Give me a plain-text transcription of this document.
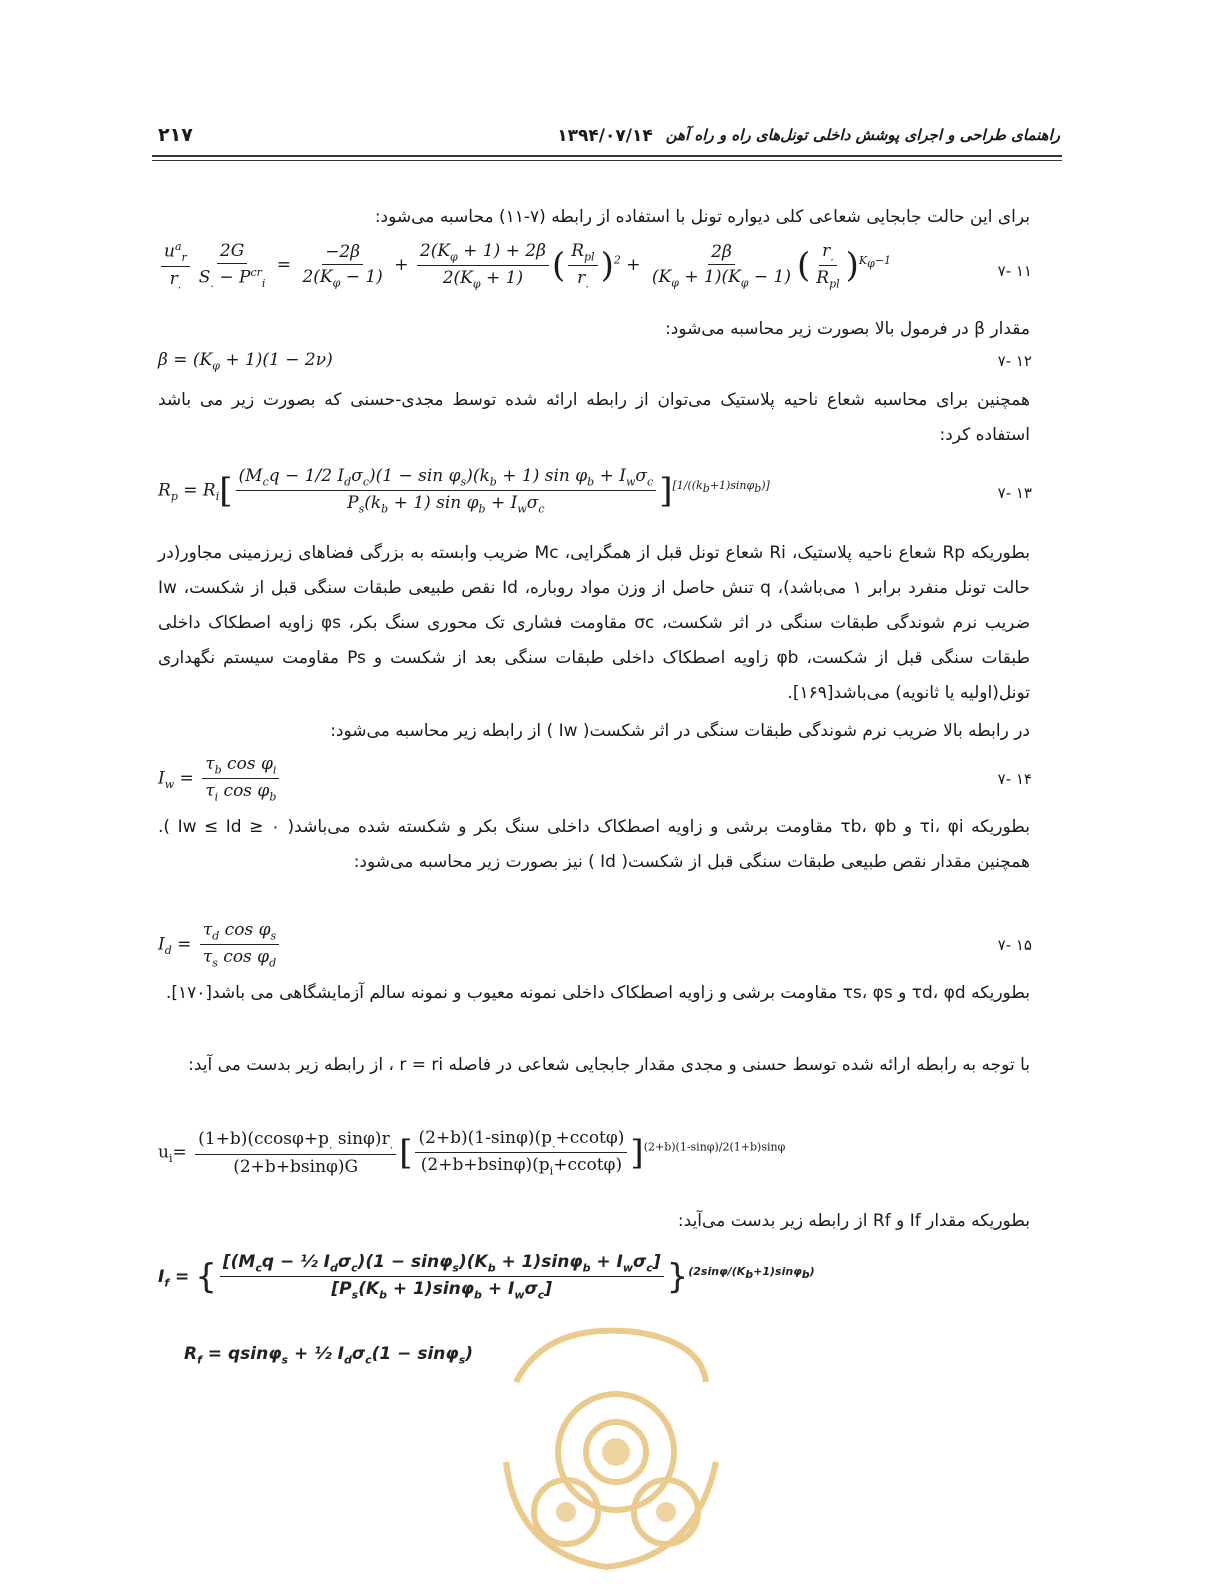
راهنمای طراحی و اجرای پوشش داخلی تونل‌های راه و راه آهن
۱۳۹۴/۰۷/۱۴
۲۱۷

برای این حالت جابجایی شعاعی کلی دیواره تونل با استفاده از رابطه (۷-۱۱) محاسبه می‌شود:

$\frac{u^a_r}{r_.} \frac{2G}{S_. - P^{cr}_i} = \frac{-2\beta}{2(K_\varphi - 1)} + \frac{2(K_\varphi + 1) + 2\beta}{2(K_\varphi + 1)}$ ( $\frac{R_{pl}}{r_.} )^2 + \frac{2\beta}{(K_\varphi + 1)(K_\varphi - 1)}$ ( $\frac{r_.}{R_{pl}} )^{K_\varphi-1}$
۷- ۱۱

مقدار β در فرمول بالا بصورت زیر محاسبه می‌شود:

$\beta = (K_\varphi + 1)(1 - 2\nu)$	۷- ۱۲

همچنین برای محاسبه شعاع ناحیه پلاستیک می‌توان از رابطه ارائه شده توسط مجدی-حسنی که بصورت زیر می باشد استفاده کرد:

$R_p = R_i[ \frac{(M_cq - 1/2 I_d\sigma_c)(1 - \sin \varphi_s)(k_b + 1) \sin \varphi_b + I_w\sigma_c}{P_s(k_b + 1) \sin \varphi_b + I_w\sigma_c} ][1/((kb+1)\sin\varphi b)]$	۷- ۱۳

بطوریکه Rp شعاع ناحیه پلاستیک، Ri شعاع تونل قبل از همگرایی، Mc ضریب وابسته به بزرگی فضاهای زیرزمینی مجاور(در حالت تونل منفرد برابر ۱ می‌باشد)، q تنش حاصل از وزن مواد روباره، Id نقص طبیعی طبقات سنگی قبل از شکست، Iw ضریب نرم شوندگی طبقات سنگی در اثر شکست، σc مقاومت فشاری تک محوری سنگ بکر، φs زاویه اصطکاک داخلی طبقات سنگی قبل از شکست، φb زاویه اصطکاک داخلی طبقات سنگی بعد از شکست و Ps مقاومت سیستم نگهداری تونل(اولیه یا ثانویه) می‌باشد[۱۶۹].

در رابطه بالا ضریب نرم شوندگی طبقات سنگی در اثر شکست( Iw ) از رابطه زیر محاسبه می‌شود:

$I_w = \frac{\tau_b \cos \varphi_i}{\tau_i \cos \varphi_b}$	۷- ۱۴

بطوریکه τi، φi و τb، φb مقاومت برشی و زاویه اصطکاک داخلی سنگ بکر و شکسته شده می‌باشد( ۰ ≤ Iw ≤ Id ). همچنین مقدار نقص طبیعی طبقات سنگی قبل از شکست( Id ) نیز بصورت زیر محاسبه می‌شود:

$I_d = \frac{\tau_d \cos \varphi_s}{\tau_s \cos \varphi_d}$	۷- ۱۵

بطوریکه τd، φd و τs، φs مقاومت برشی و زاویه اصطکاک داخلی نمونه معیوب و نمونه سالم آزمایشگاهی می باشد[۱۷۰].

با توجه به رابطه ارائه شده توسط حسنی و مجدی مقدار جابجایی شعاعی در فاصله r = ri ، از رابطه زیر بدست می آید:

$u_i= \frac{(1+b)(ccos\varphi+p_. \sin\varphi)r_.}{(2+b+bsin\varphi)G}$ [ $\frac{(2+b)(1-\sin\varphi)(p_.+ccot\varphi)}{(2+b+bsin\varphi)(p_i+ccot\varphi)} ]^{(2+b)(1-sin\varphi)/2(1+b)sin\varphi}$

بطوریکه مقدار If و Rf از رابطه زیر بدست می‌آید:

$I_f$ = { $\frac{[(M_cq - \frac{1}{2} I_d\sigma_c)(1 - \sin\varphi_s)(K_b + 1)\sin\varphi_b + I_w\sigma_c]}{[P_s(K_b + 1)\sin\varphi_b + I_w\sigma_c]} \}^{(2sin\varphi/(K_b+1)sin\varphi_b)}$
$R_f = qsin\varphi_s$ + ½ $I_d\sigma_c(1 - \sin\varphi_s)$
